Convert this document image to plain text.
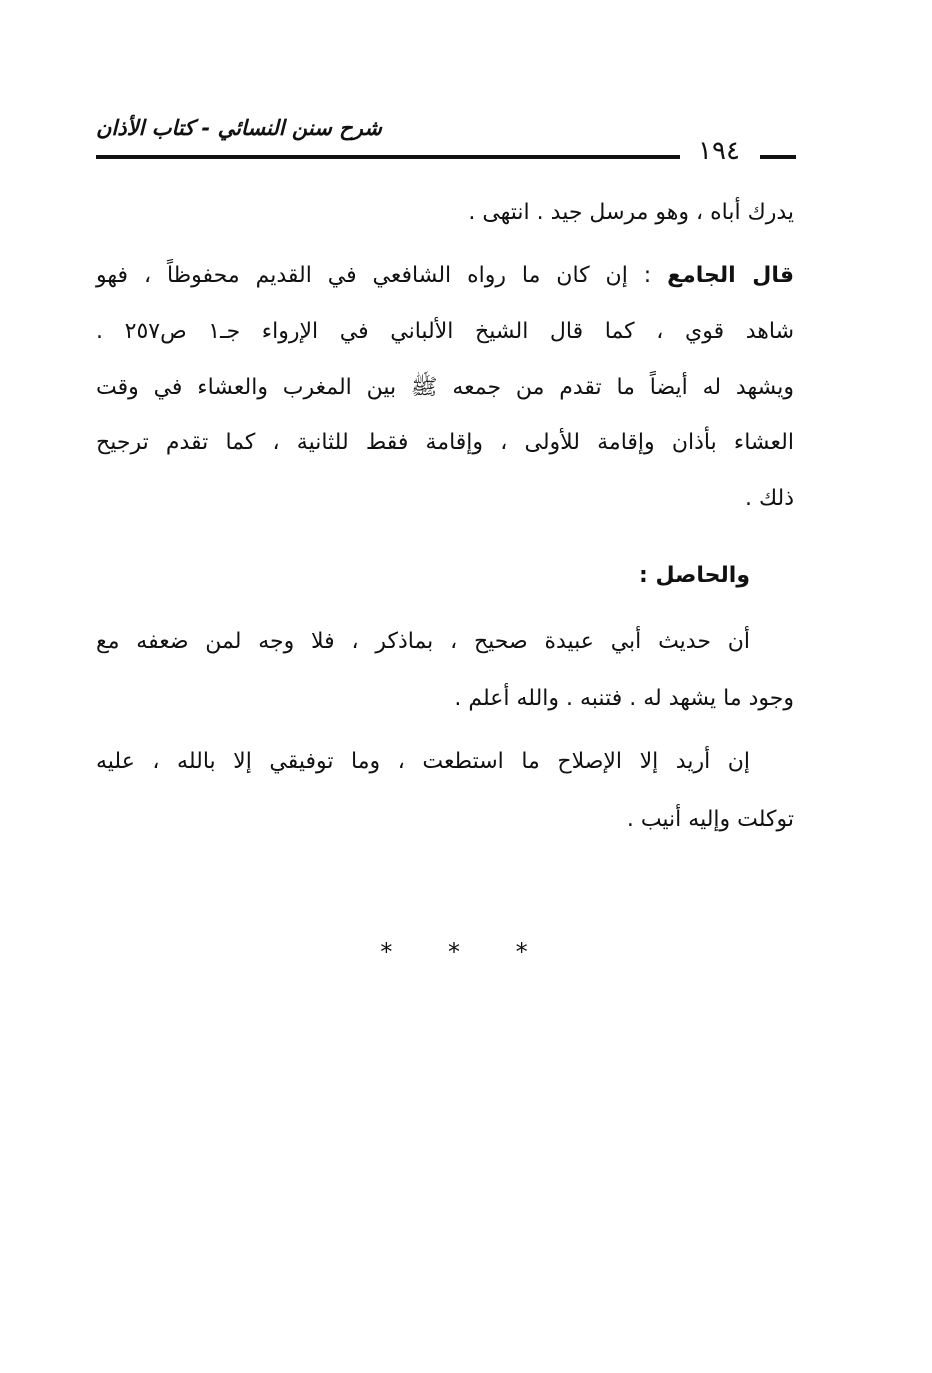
شرح سنن النسائي - كتاب الأذان
١٩٤
يدرك أباه ، وهو مرسل جيد . انتهى .
قال الجامع : إن كان ما رواه الشافعي في القديم محفوظاً ، فهو
شاهد قوي ، كما قال الشيخ الألباني في الإرواء جـ١ ص٢٥٧ .
ويشهد له أيضاً ما تقدم من جمعه ﷺ بين المغرب والعشاء في وقت
العشاء بأذان وإقامة للأولى ، وإقامة فقط للثانية ، كما تقدم ترجيح
ذلك .
والحاصل :
أن حديث أبي عبيدة صحيح ، بماذكر ، فلا وجه لمن ضعفه مع
وجود ما يشهد له . فتنبه . والله أعلم .
إن أريد إلا الإصلاح ما استطعت ، وما توفيقي إلا بالله ، عليه
توكلت وإليه أنيب .
* * *
